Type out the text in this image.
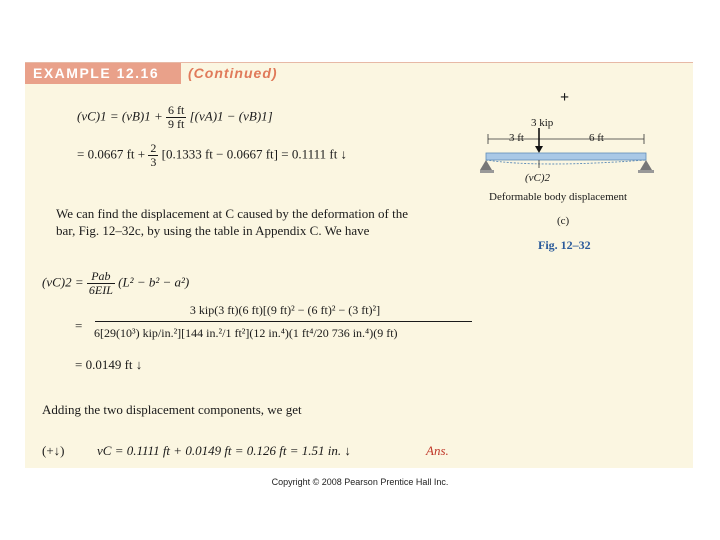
EXAMPLE 12.16	(Continued)
$(vC)1 = (vB)1 + \frac{6 ft}{9 ft} [(vA)1 - (vB)1]$
= 0.0667 ft + $\frac{2}{3} [0.1333$ ft − 0.0667 ft] = 0.1111 ft ↓
We can find the displacement at C caused by the deformation of the
bar, Fig. 12–32c, by using the table in Appendix C. We have
$(vC)2 = \frac{\text{Pab}}{\text{6EIL}} (L^2 - b^2 - a^2)$
=
3 kip(3 ft)(6 ft)[(9 ft)² − (6 ft)² − (3 ft)²]
6[29(10³) kip/in.²][144 in.²/1 ft²](12 in.⁴)(1 ft⁴/20 736 in.⁴)(9 ft)
= 0.0149 ft ↓
Adding the two displacement components, we get
(+↓)	vC = 0.1111 ft + 0.0149 ft = 0.126 ft = 1.51 in. ↓	Ans.
+
3 kip
3 ft	6 ft
(vC)2
Deformable body displacement
(c)
Fig. 12–32
Copyright © 2008 Pearson Prentice Hall Inc.
